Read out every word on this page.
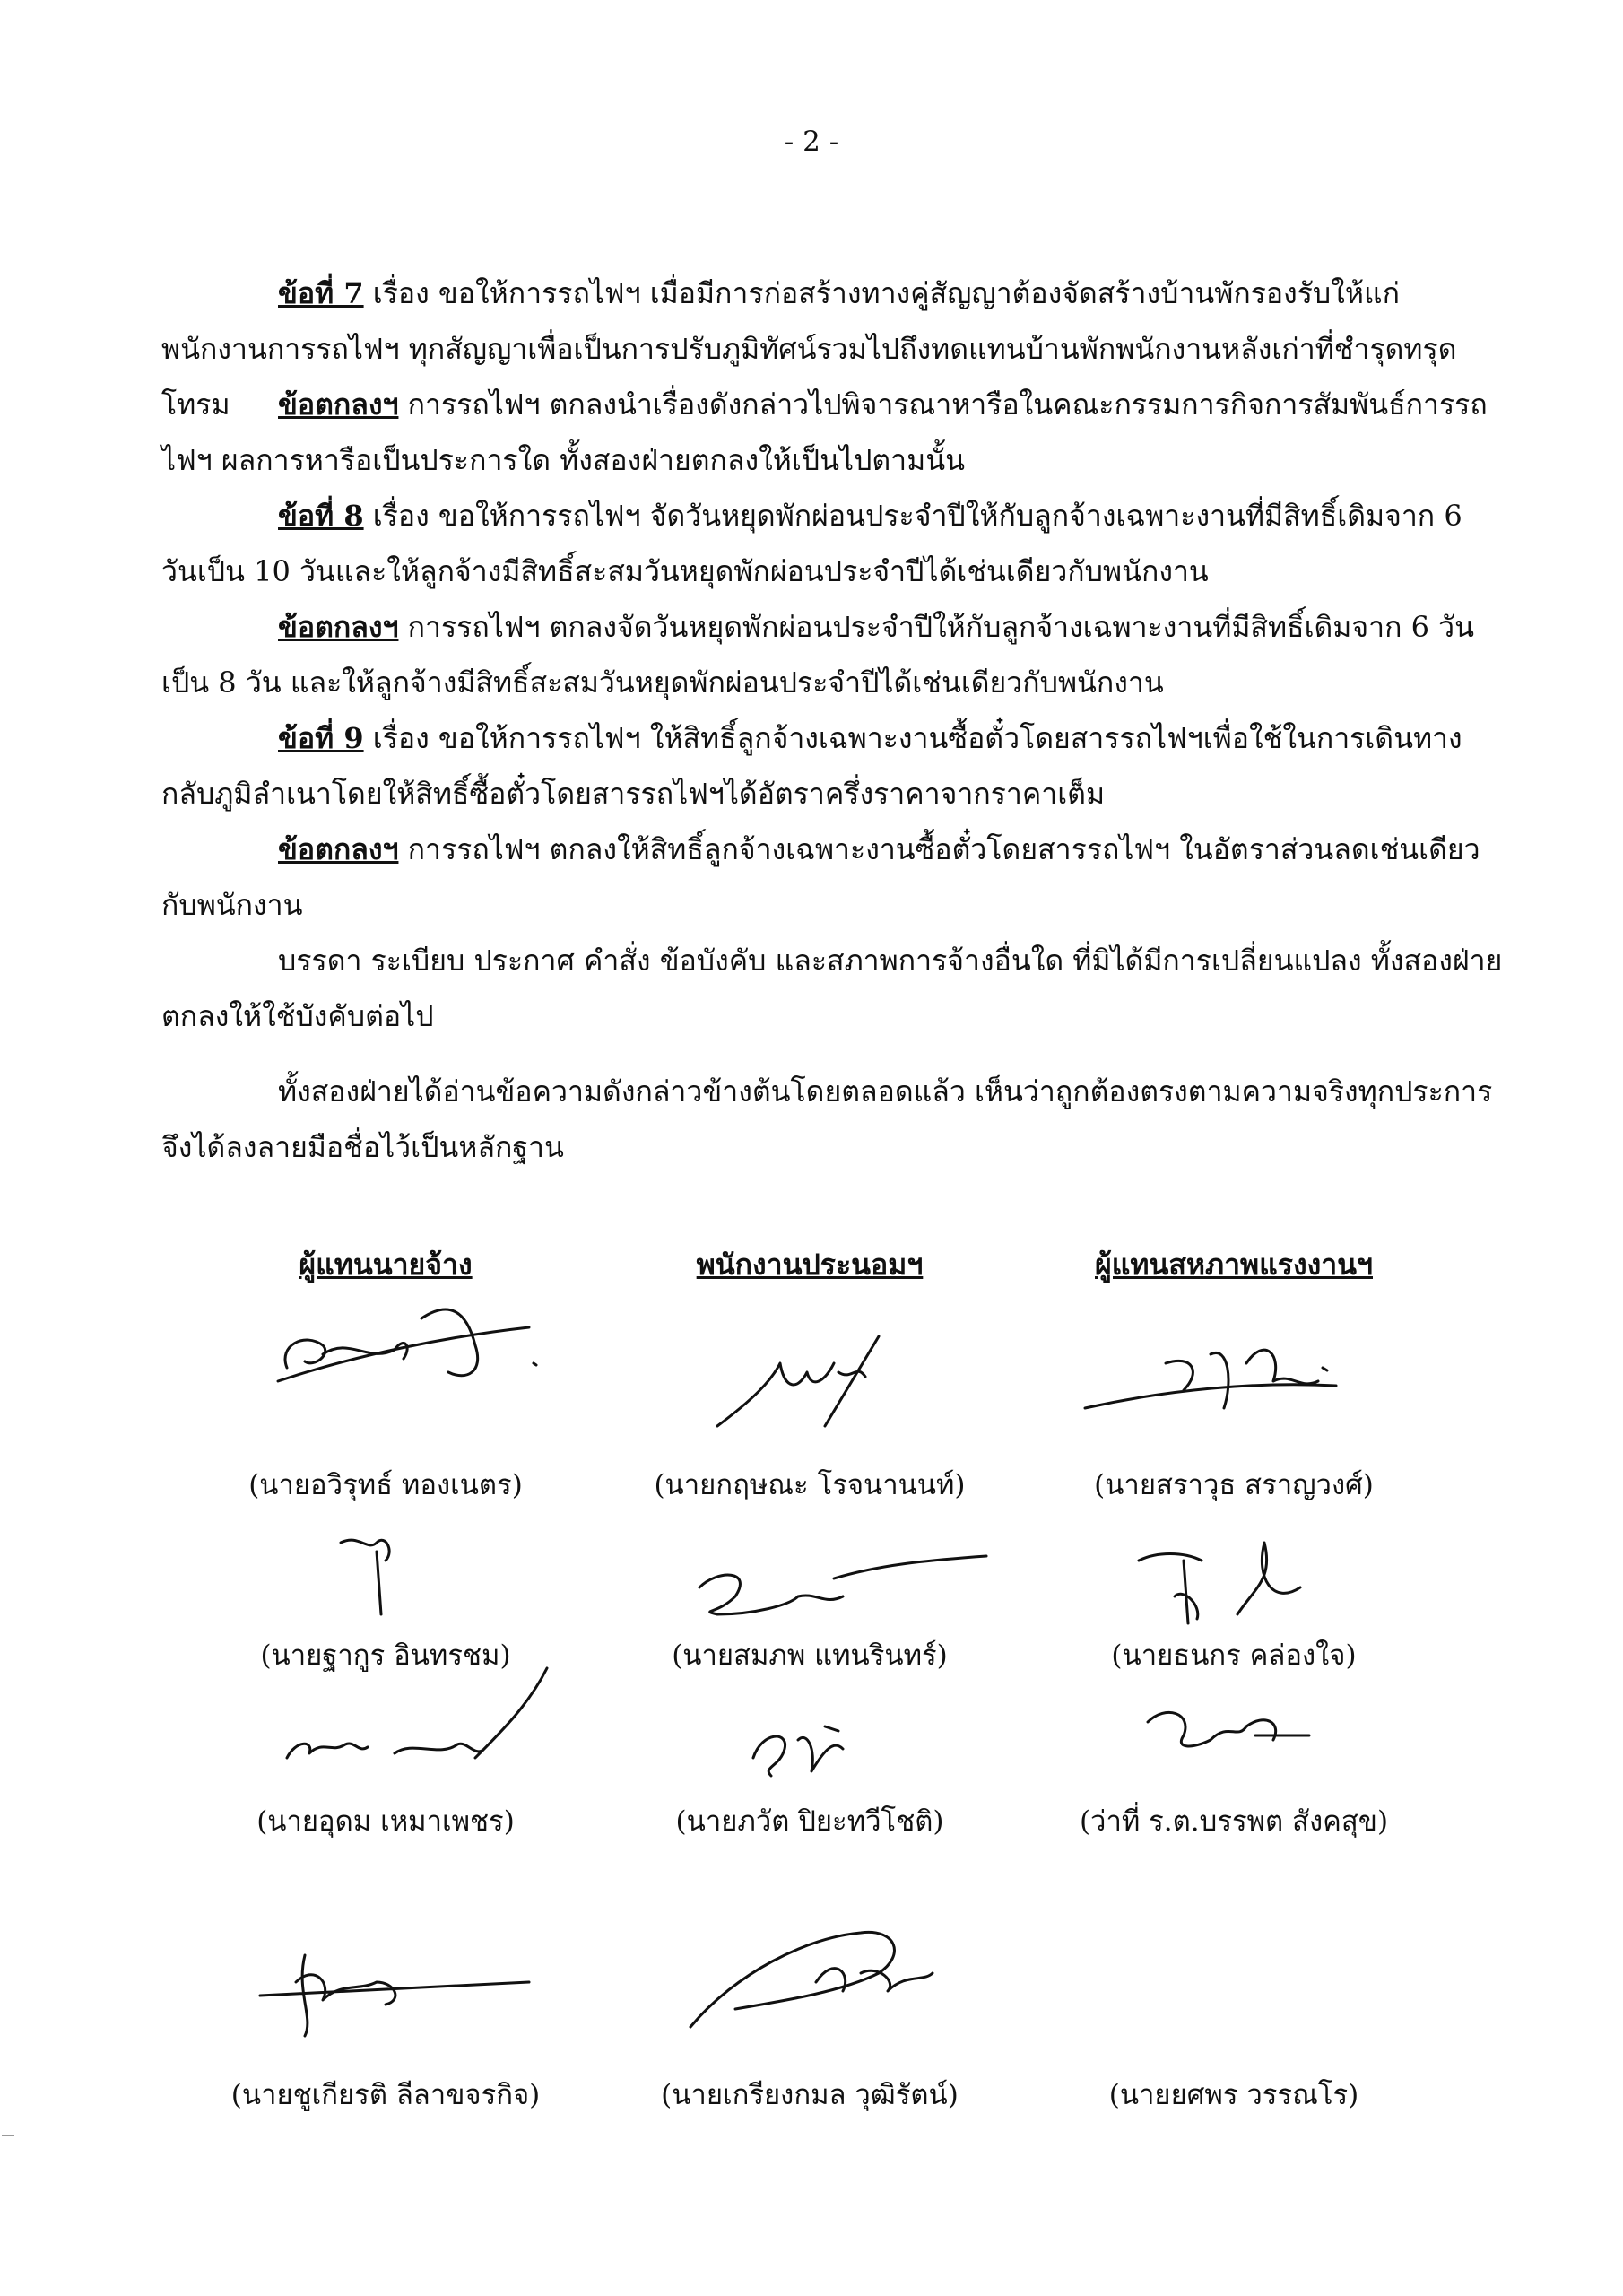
- 2 -

ข้อที่ 7 เรื่อง ขอให้การรถไฟฯ เมื่อมีการก่อสร้างทางคู่สัญญาต้องจัดสร้างบ้านพักรองรับให้แก่พนักงานการรถไฟฯ ทุกสัญญาเพื่อเป็นการปรับภูมิทัศน์รวมไปถึงทดแทนบ้านพักพนักงานหลังเก่าที่ชำรุดทรุดโทรม	ข้อตกลงฯ การรถไฟฯ ตกลงนำเรื่องดังกล่าวไปพิจารณาหารือในคณะกรรมการกิจการสัมพันธ์การรถไฟฯ ผลการหารือเป็นประการใด ทั้งสองฝ่ายตกลงให้เป็นไปตามนั้น

ข้อที่ 8 เรื่อง ขอให้การรถไฟฯ จัดวันหยุดพักผ่อนประจำปีให้กับลูกจ้างเฉพาะงานที่มีสิทธิ์เดิมจาก 6 วันเป็น 10 วันและให้ลูกจ้างมีสิทธิ์สะสมวันหยุดพักผ่อนประจำปีได้เช่นเดียวกับพนักงาน

ข้อตกลงฯ การรถไฟฯ ตกลงจัดวันหยุดพักผ่อนประจำปีให้กับลูกจ้างเฉพาะงานที่มีสิทธิ์เดิมจาก 6 วันเป็น 8 วัน และให้ลูกจ้างมีสิทธิ์สะสมวันหยุดพักผ่อนประจำปีได้เช่นเดียวกับพนักงาน

ข้อที่ 9 เรื่อง ขอให้การรถไฟฯ ให้สิทธิ์ลูกจ้างเฉพาะงานซื้อตั๋วโดยสารรถไฟฯเพื่อใช้ในการเดินทางกลับภูมิลำเนาโดยให้สิทธิ์ซื้อตั๋วโดยสารรถไฟฯได้อัตราครึ่งราคาจากราคาเต็ม

ข้อตกลงฯ การรถไฟฯ ตกลงให้สิทธิ์ลูกจ้างเฉพาะงานซื้อตั๋วโดยสารรถไฟฯ ในอัตราส่วนลดเช่นเดียวกับพนักงาน

บรรดา ระเบียบ ประกาศ คำสั่ง ข้อบังคับ และสภาพการจ้างอื่นใด ที่มิได้มีการเปลี่ยนแปลง ทั้งสองฝ่ายตกลงให้ใช้บังคับต่อไป

ทั้งสองฝ่ายได้อ่านข้อความดังกล่าวข้างต้นโดยตลอดแล้ว เห็นว่าถูกต้องตรงตามความจริงทุกประการ จึงได้ลงลายมือชื่อไว้เป็นหลักฐาน

ผู้แทนนายจ้าง	พนักงานประนอมฯ	ผู้แทนสหภาพแรงงานฯ
(นายอวิรุทธ์ ทองเนตร)	(นายกฤษณะ โรจนานนท์)	(นายสราวุธ สราญวงศ์)
(นายฐากูร อินทรชม)	(นายสมภพ แทนรินทร์)	(นายธนกร คล่องใจ)
(นายอุดม เหมาเพชร)	(นายภวัต ปิยะทวีโชติ)	(ว่าที่ ร.ต.บรรพต สังคสุข)
(นายชูเกียรติ ลีลาขจรกิจ)	(นายเกรียงกมล วุฒิรัตน์)	(นายยศพร วรรณโร)
